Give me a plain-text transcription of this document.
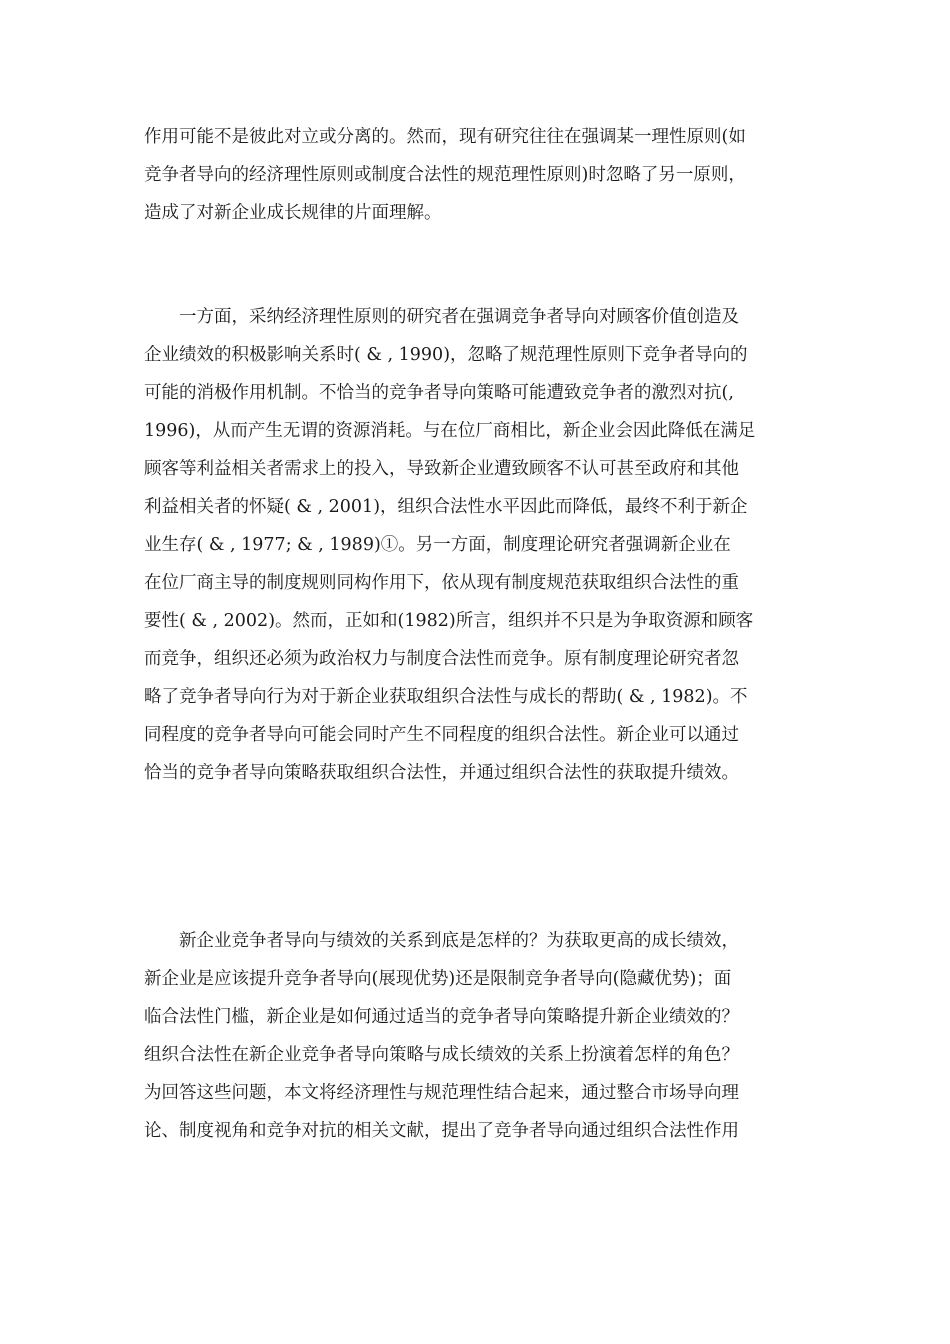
作用可能不是彼此对立或分离的。然而，现有研究往往在强调某一理性原则(如
竞争者导向的经济理性原则或制度合法性的规范理性原则)时忽略了另一原则，
造成了对新企业成长规律的片面理解。
　　一方面，采纳经济理性原则的研究者在强调竞争者导向对顾客价值创造及
企业绩效的积极影响关系时( & , 1990)，忽略了规范理性原则下竞争者导向的
可能的消极作用机制。不恰当的竞争者导向策略可能遭致竞争者的激烈对抗(,
1996)，从而产生无谓的资源消耗。与在位厂商相比，新企业会因此降低在满足
顾客等利益相关者需求上的投入，导致新企业遭致顾客不认可甚至政府和其他
利益相关者的怀疑( & , 2001)，组织合法性水平因此而降低，最终不利于新企
业生存( & , 1977; & , 1989)①。另一方面，制度理论研究者强调新企业在
在位厂商主导的制度规则同构作用下，依从现有制度规范获取组织合法性的重
要性( & , 2002)。然而，正如和(1982)所言，组织并不只是为争取资源和顾客
而竞争，组织还必须为政治权力与制度合法性而竞争。原有制度理论研究者忽
略了竞争者导向行为对于新企业获取组织合法性与成长的帮助( & , 1982)。不
同程度的竞争者导向可能会同时产生不同程度的组织合法性。新企业可以通过
恰当的竞争者导向策略获取组织合法性，并通过组织合法性的获取提升绩效。
　　新企业竞争者导向与绩效的关系到底是怎样的？为获取更高的成长绩效，
新企业是应该提升竞争者导向(展现优势)还是限制竞争者导向(隐藏优势)；面
临合法性门槛，新企业是如何通过适当的竞争者导向策略提升新企业绩效的？
组织合法性在新企业竞争者导向策略与成长绩效的关系上扮演着怎样的角色？
为回答这些问题，本文将经济理性与规范理性结合起来，通过整合市场导向理
论、制度视角和竞争对抗的相关文献，提出了竞争者导向通过组织合法性作用
